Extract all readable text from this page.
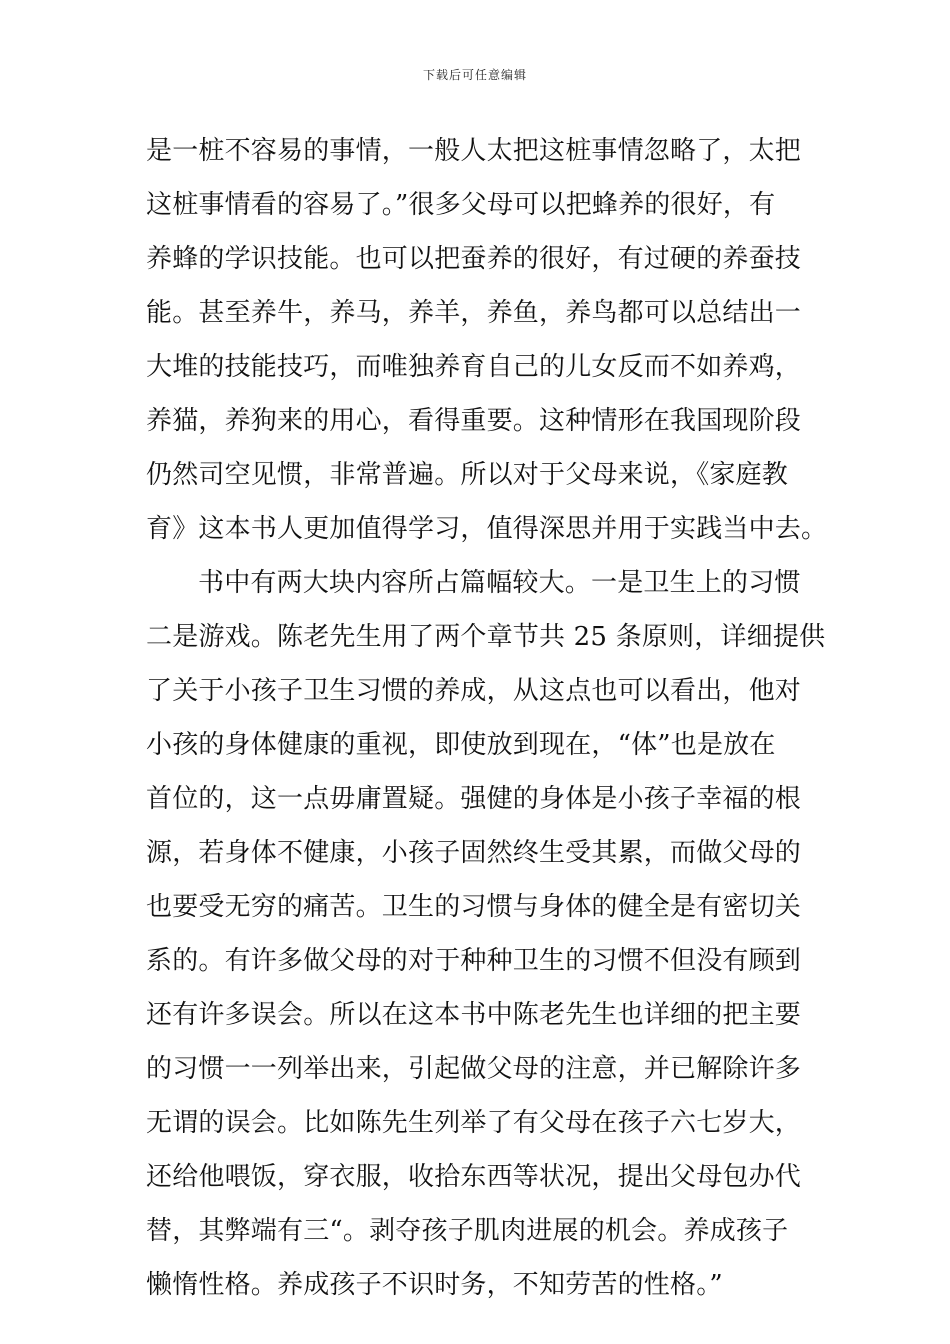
下载后可任意编辑
是一桩不容易的事情，一般人太把这桩事情忽略了，太把
这桩事情看的容易了。”很多父母可以把蜂养的很好，有
养蜂的学识技能。也可以把蚕养的很好，有过硬的养蚕技
能。甚至养牛，养马，养羊，养鱼，养鸟都可以总结出一
大堆的技能技巧，而唯独养育自己的儿女反而不如养鸡，
养猫，养狗来的用心，看得重要。这种情形在我国现阶段
仍然司空见惯，非常普遍。所以对于父母来说，《家庭教
育》这本书人更加值得学习，值得深思并用于实践当中去。
书中有两大块内容所占篇幅较大。一是卫生上的习惯
二是游戏。陈老先生用了两个章节共 25 条原则，详细提供
了关于小孩子卫生习惯的养成，从这点也可以看出，他对
小孩的身体健康的重视，即使放到现在，“体”也是放在
首位的，这一点毋庸置疑。强健的身体是小孩子幸福的根
源，若身体不健康，小孩子固然终生受其累，而做父母的
也要受无穷的痛苦。卫生的习惯与身体的健全是有密切关
系的。有许多做父母的对于种种卫生的习惯不但没有顾到
还有许多误会。所以在这本书中陈老先生也详细的把主要
的习惯一一列举出来，引起做父母的注意，并已解除许多
无谓的误会。比如陈先生列举了有父母在孩子六七岁大，
还给他喂饭，穿衣服，收拾东西等状况，提出父母包办代
替，其弊端有三“。剥夺孩子肌肉进展的机会。养成孩子
懒惰性格。养成孩子不识时务，不知劳苦的性格。”
